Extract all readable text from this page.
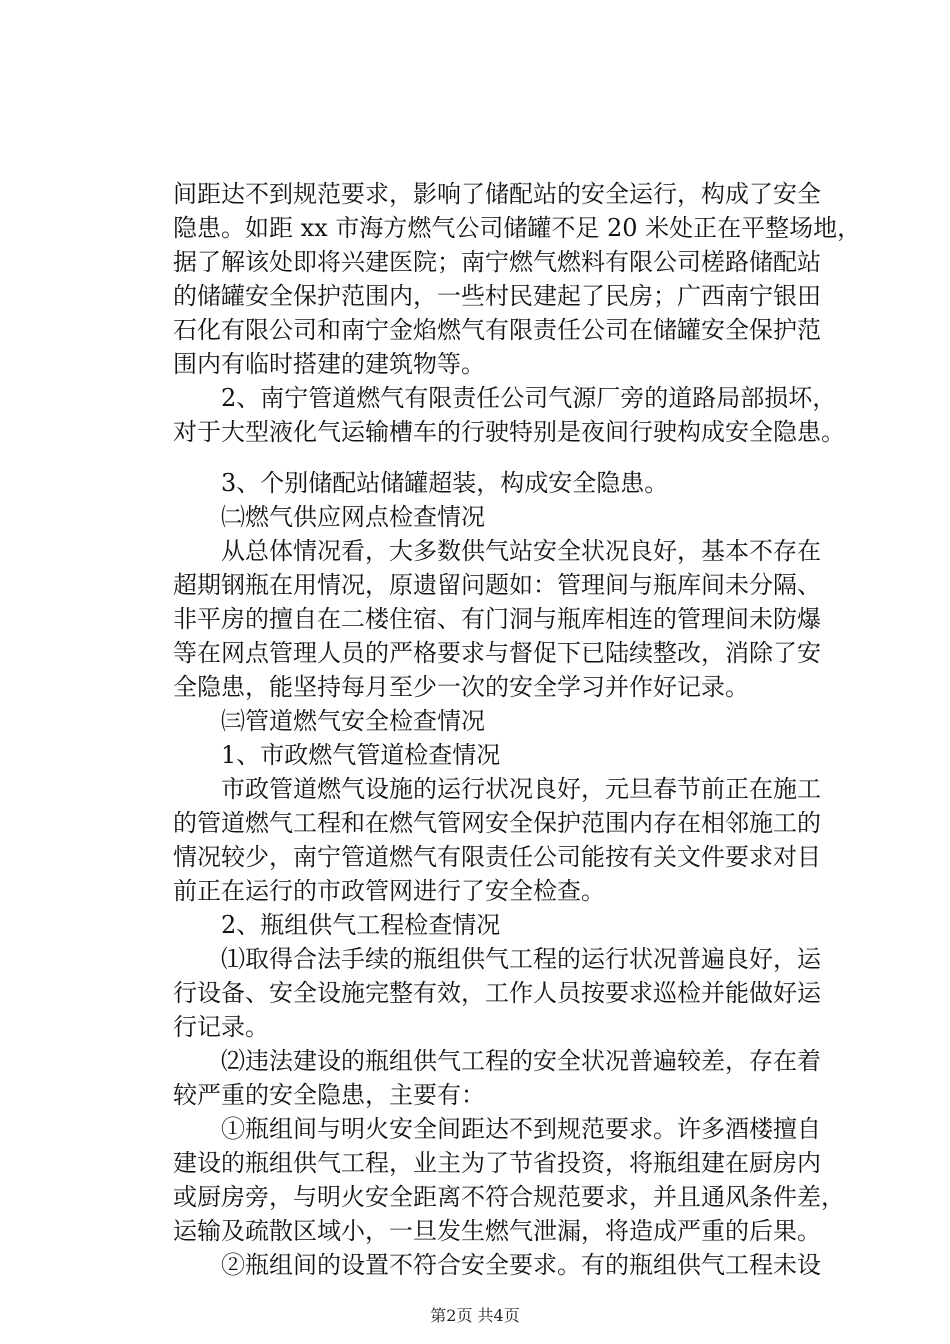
间距达不到规范要求，影响了储配站的安全运行，构成了安全
隐患。如距 xx 市海方燃气公司储罐不足 20 米处正在平整场地，
据了解该处即将兴建医院；南宁燃气燃料有限公司槎路储配站
的储罐安全保护范围内，一些村民建起了民房；广西南宁银田
石化有限公司和南宁金焰燃气有限责任公司在储罐安全保护范
围内有临时搭建的建筑物等。
　　2、南宁管道燃气有限责任公司气源厂旁的道路局部损坏，
对于大型液化气运输槽车的行驶特别是夜间行驶构成安全隐患。
　　3、个别储配站储罐超装，构成安全隐患。
　　㈡燃气供应网点检查情况
　　从总体情况看，大多数供气站安全状况良好，基本不存在
超期钢瓶在用情况，原遗留问题如：管理间与瓶库间未分隔、
非平房的擅自在二楼住宿、有门洞与瓶库相连的管理间未防爆
等在网点管理人员的严格要求与督促下已陆续整改，消除了安
全隐患，能坚持每月至少一次的安全学习并作好记录。
　　㈢管道燃气安全检查情况
　　1、市政燃气管道检查情况
　　市政管道燃气设施的运行状况良好，元旦春节前正在施工
的管道燃气工程和在燃气管网安全保护范围内存在相邻施工的
情况较少，南宁管道燃气有限责任公司能按有关文件要求对目
前正在运行的市政管网进行了安全检查。
　　2、瓶组供气工程检查情况
　　⑴取得合法手续的瓶组供气工程的运行状况普遍良好，运
行设备、安全设施完整有效，工作人员按要求巡检并能做好运
行记录。
　　⑵违法建设的瓶组供气工程的安全状况普遍较差，存在着
较严重的安全隐患，主要有：
　　①瓶组间与明火安全间距达不到规范要求。许多酒楼擅自
建设的瓶组供气工程，业主为了节省投资，将瓶组建在厨房内
或厨房旁，与明火安全距离不符合规范要求，并且通风条件差，
运输及疏散区域小，一旦发生燃气泄漏，将造成严重的后果。
　　②瓶组间的设置不符合安全要求。有的瓶组供气工程未设
第2页 共4页
